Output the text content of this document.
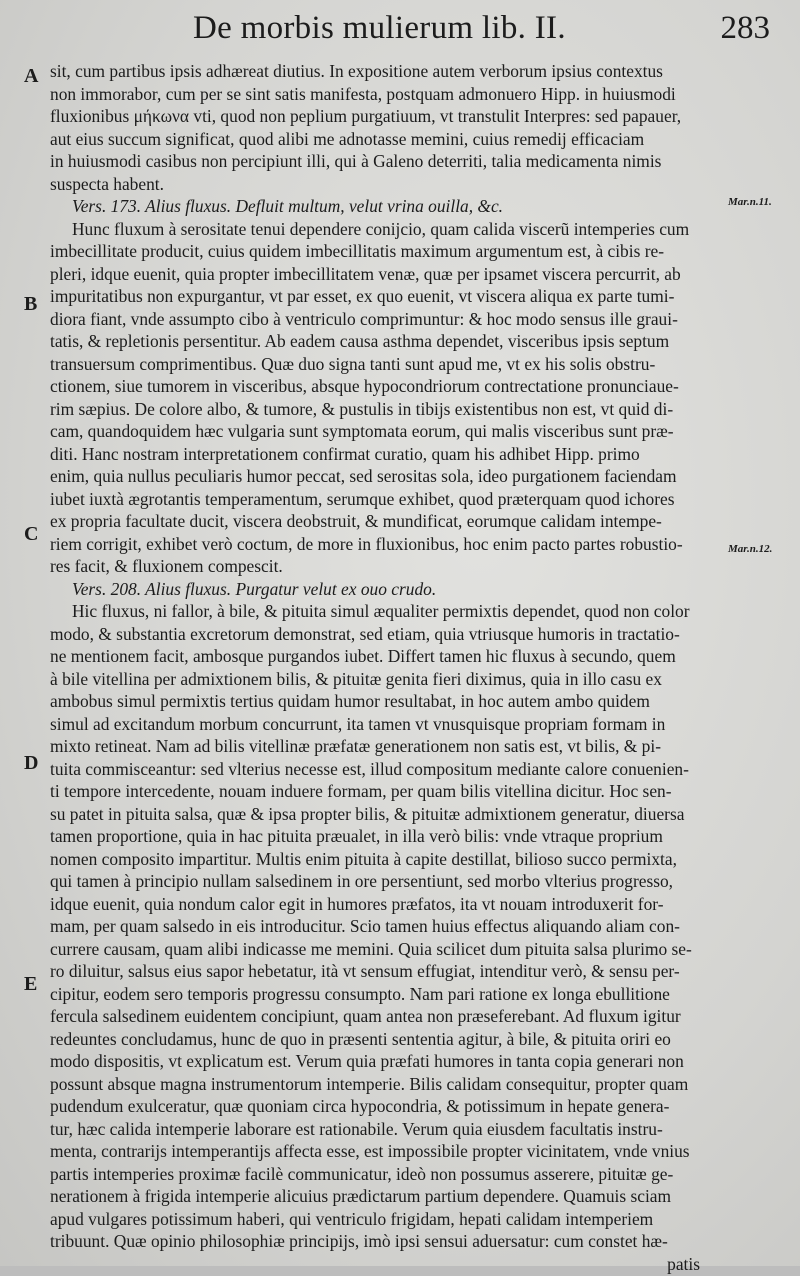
De morbis mulierum lib. II.	283
A
B
C
D
E
Mar.n.11.
Mar.n.12.
sit, cum partibus ipsis adhæreat diutius. In expositione autem verborum ipsius contextus
non immorabor, cum per se sint satis manifesta, postquam admonuero Hipp. in huiusmodi
fluxionibus μήκωνα vti, quod non peplium purgatiuum, vt transtulit Interpres: sed papauer,
aut eius succum significat, quod alibi me adnotasse memini, cuius remedij efficaciam
in huiusmodi casibus non percipiunt illi, qui à Galeno deterriti, talia medicamenta nimis
suspecta habent.
Vers. 173. Alius fluxus. Defluit multum, velut vrina ouilla, &c.
Hunc fluxum à serositate tenui dependere conijcio, quam calida viscerũ intemperies cum
imbecillitate producit, cuius quidem imbecillitatis maximum argumentum est, à cibis re-
pleri, idque euenit, quia propter imbecillitatem venæ, quæ per ipsamet viscera percurrit, ab
impuritatibus non expurgantur, vt par esset, ex quo euenit, vt viscera aliqua ex parte tumi-
diora fiant, vnde assumpto cibo à ventriculo comprimuntur: & hoc modo sensus ille graui-
tatis, & repletionis persentitur. Ab eadem causa asthma dependet, visceribus ipsis septum
transuersum comprimentibus. Quæ duo signa tanti sunt apud me, vt ex his solis obstru-
ctionem, siue tumorem in visceribus, absque hypocondriorum contrectatione pronunciaue-
rim sæpius. De colore albo, & tumore, & pustulis in tibijs existentibus non est, vt quid di-
cam, quandoquidem hæc vulgaria sunt symptomata eorum, qui malis visceribus sunt præ-
diti. Hanc nostram interpretationem confirmat curatio, quam his adhibet Hipp. primo
enim, quia nullus peculiaris humor peccat, sed serositas sola, ideo purgationem faciendam
iubet iuxtà ægrotantis temperamentum, serumque exhibet, quod præterquam quod ichores
ex propria facultate ducit, viscera deobstruit, & mundificat, eorumque calidam intempe-
riem corrigit, exhibet verò coctum, de more in fluxionibus, hoc enim pacto partes robustio-
res facit, & fluxionem compescit.
Vers. 208. Alius fluxus. Purgatur velut ex ouo crudo.
Hic fluxus, ni fallor, à bile, & pituita simul æqualiter permixtis dependet, quod non color
modo, & substantia excretorum demonstrat, sed etiam, quia vtriusque humoris in tractatio-
ne mentionem facit, ambosque purgandos iubet. Differt tamen hic fluxus à secundo, quem
à bile vitellina per admixtionem bilis, & pituitæ genita fieri diximus, quia in illo casu ex
ambobus simul permixtis tertius quidam humor resultabat, in hoc autem ambo quidem
simul ad excitandum morbum concurrunt, ita tamen vt vnusquisque propriam formam in
mixto retineat. Nam ad bilis vitellinæ præfatæ generationem non satis est, vt bilis, & pi-
tuita commisceantur: sed vlterius necesse est, illud compositum mediante calore conuenien-
ti tempore intercedente, nouam induere formam, per quam bilis vitellina dicitur. Hoc sen-
su patet in pituita salsa, quæ & ipsa propter bilis, & pituitæ admixtionem generatur, diuersa
tamen proportione, quia in hac pituita præualet, in illa verò bilis: vnde vtraque proprium
nomen composito impartitur. Multis enim pituita à capite destillat, bilioso succo permixta,
qui tamen à principio nullam salsedinem in ore persentiunt, sed morbo vlterius progresso,
idque euenit, quia nondum calor egit in humores præfatos, ita vt nouam introduxerit for-
mam, per quam salsedo in eis introducitur. Scio tamen huius effectus aliquando aliam con-
currere causam, quam alibi indicasse me memini. Quia scilicet dum pituita salsa plurimo se-
ro diluitur, salsus eius sapor hebetatur, ità vt sensum effugiat, intenditur verò, & sensu per-
cipitur, eodem sero temporis progressu consumpto. Nam pari ratione ex longa ebullitione
fercula salsedinem euidentem concipiunt, quam antea non præseferebant. Ad fluxum igitur
redeuntes concludamus, hunc de quo in præsenti sententia agitur, à bile, & pituita oriri eo
modo dispositis, vt explicatum est. Verum quia præfati humores in tanta copia generari non
possunt absque magna instrumentorum intemperie. Bilis calidam consequitur, propter quam
pudendum exulceratur, quæ quoniam circa hypocondria, & potissimum in hepate genera-
tur, hæc calida intemperie laborare est rationabile. Verum quia eiusdem facultatis instru-
menta, contrarijs intemperantijs affecta esse, est impossibile propter vicinitatem, vnde vnius
partis intemperies proximæ facilè communicatur, ideò non possumus asserere, pituitæ ge-
nerationem à frigida intemperie alicuius prædictarum partium dependere. Quamuis sciam
apud vulgares potissimum haberi, qui ventriculo frigidam, hepati calidam intemperiem
tribuunt. Quæ opinio philosophiæ principijs, imò ipsi sensui aduersatur: cum constet hæ-
patis
